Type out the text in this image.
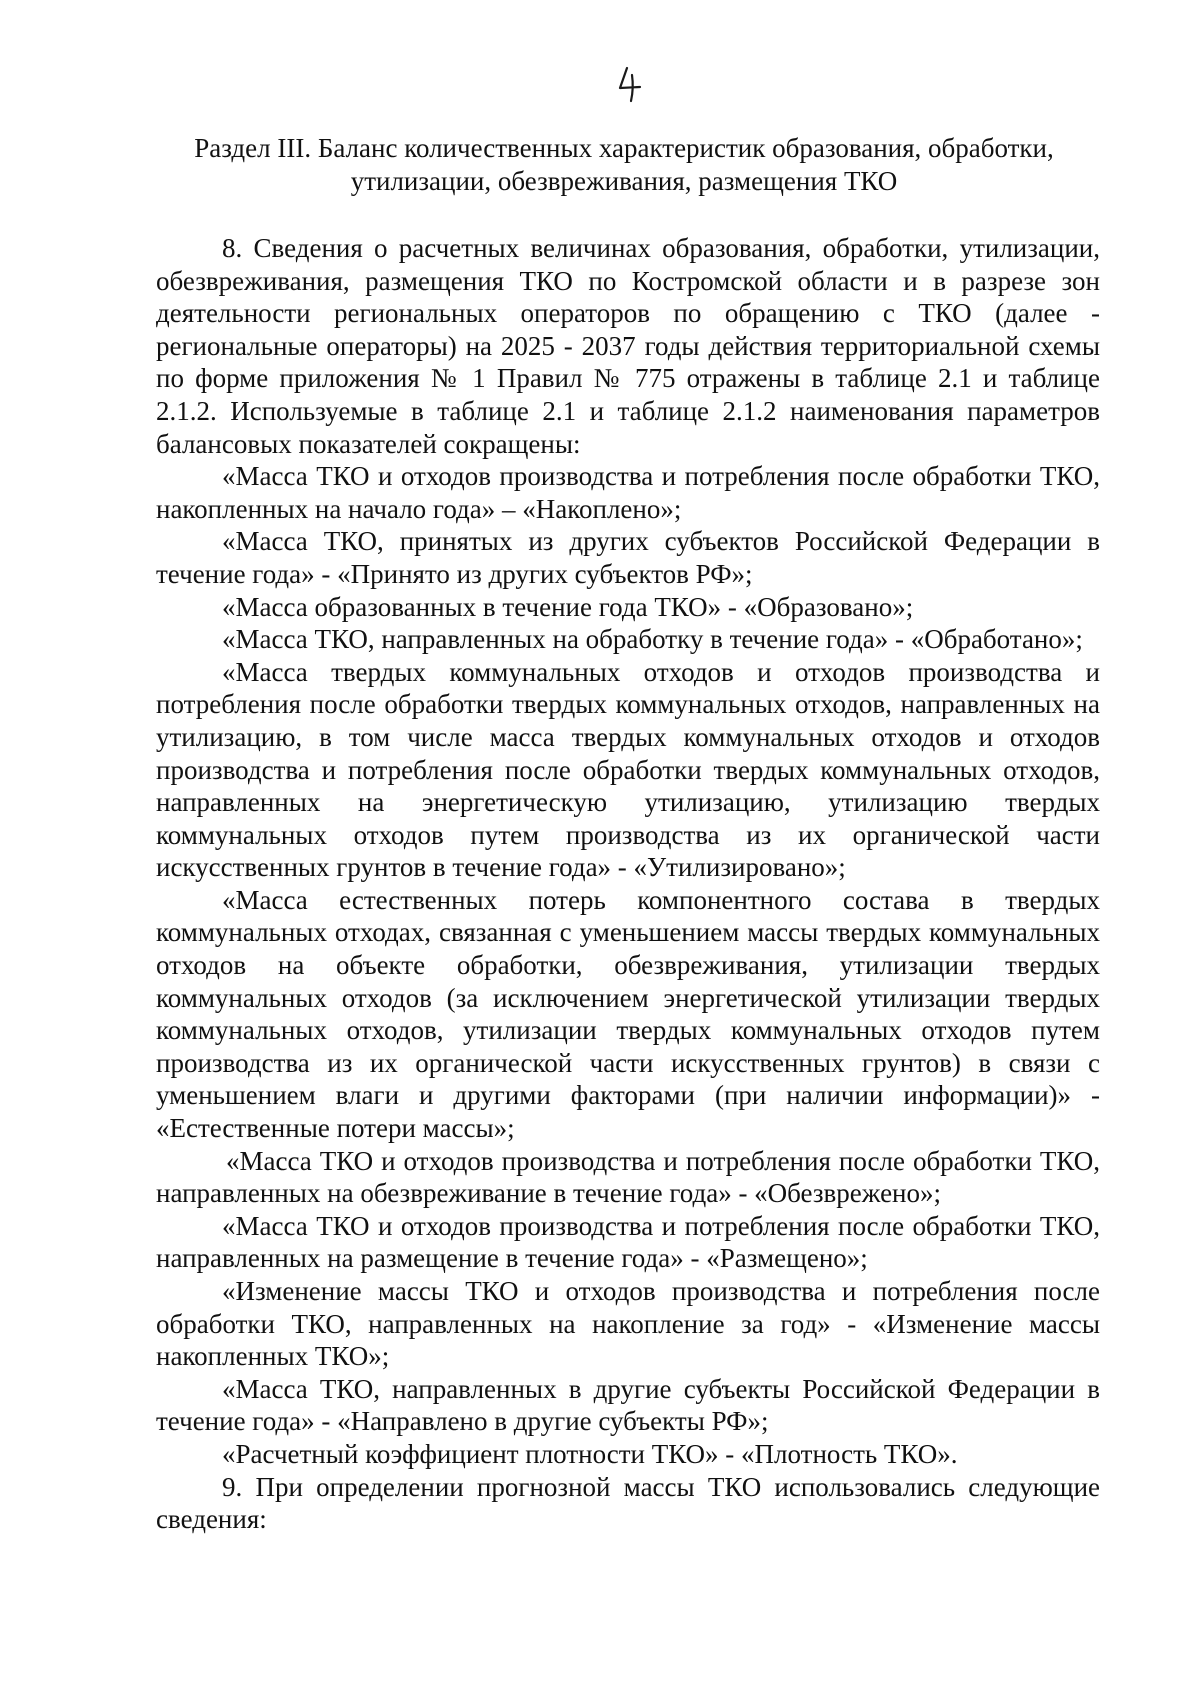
Раздел III. Баланс количественных характеристик образования, обработки,
утилизации, обезвреживания, размещения ТКО

8. Сведения о расчетных величинах образования, обработки, утилизации, обезвреживания, размещения ТКО по Костромской области и в разрезе зон деятельности региональных операторов по обращению с ТКО (далее - региональные операторы) на 2025 - 2037 годы действия территориальной схемы по форме приложения № 1 Правил № 775 отражены в таблице 2.1 и таблице 2.1.2. Используемые в таблице 2.1 и таблице 2.1.2 наименования параметров балансовых показателей сокращены:

«Масса ТКО и отходов производства и потребления после обработки ТКО, накопленных на начало года» – «Накоплено»;

«Масса ТКО, принятых из других субъектов Российской Федерации в течение года» - «Принято из других субъектов РФ»;

«Масса образованных в течение года ТКО» - «Образовано»;

«Масса ТКО, направленных на обработку в течение года» - «Обработано»;

«Масса твердых коммунальных отходов и отходов производства и потребления после обработки твердых коммунальных отходов, направленных на утилизацию, в том числе масса твердых коммунальных отходов и отходов производства и потребления после обработки твердых коммунальных отходов, направленных на энергетическую утилизацию, утилизацию твердых коммунальных отходов путем производства из их органической части искусственных грунтов в течение года» - «Утилизировано»;

«Масса естественных потерь компонентного состава в твердых коммунальных отходах, связанная с уменьшением массы твердых коммунальных отходов на объекте обработки, обезвреживания, утилизации твердых коммунальных отходов (за исключением энергетической утилизации твердых коммунальных отходов, утилизации твердых коммунальных отходов путем производства из их органической части искусственных грунтов) в связи с уменьшением влаги и другими факторами (при наличии информации)» - «Естественные потери массы»;

«Масса ТКО и отходов производства и потребления после обработки ТКО, направленных на обезвреживание в течение года» - «Обезврежено»;

«Масса ТКО и отходов производства и потребления после обработки ТКО, направленных на размещение в течение года» - «Размещено»;

«Изменение массы ТКО и отходов производства и потребления после обработки ТКО, направленных на накопление за год» - «Изменение массы накопленных ТКО»;

«Масса ТКО, направленных в другие субъекты Российской Федерации в течение года» - «Направлено в другие субъекты РФ»;

«Расчетный коэффициент плотности ТКО» - «Плотность ТКО».

9. При определении прогнозной массы ТКО использовались следующие сведения:
